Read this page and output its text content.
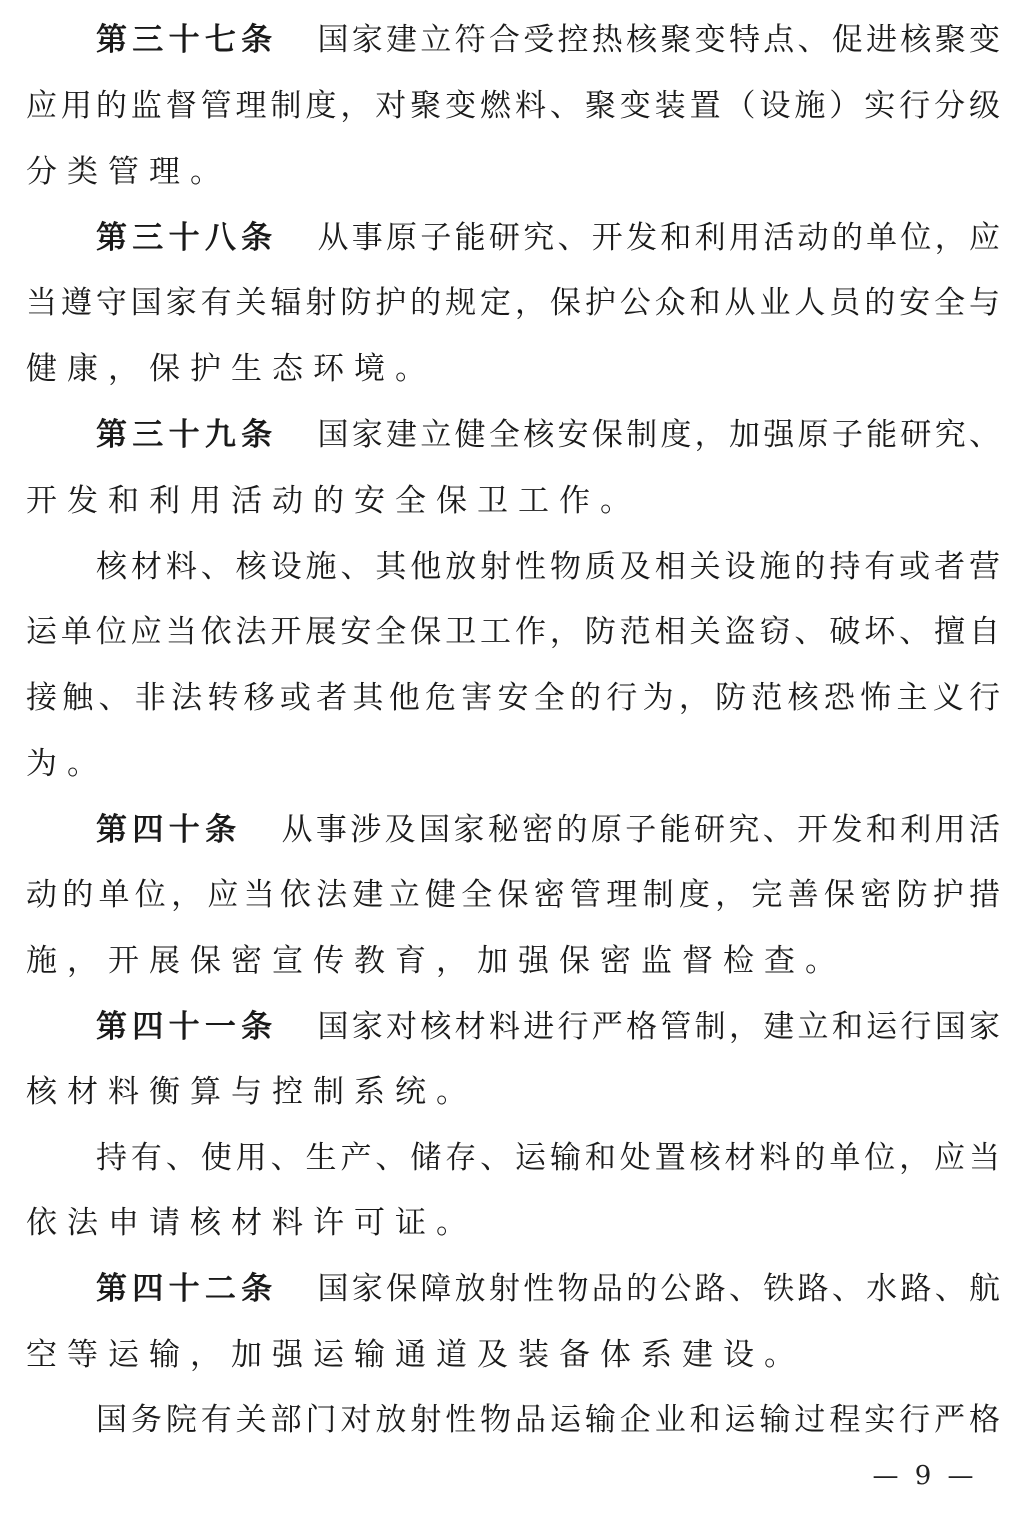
第三十七条 国家建立符合受控热核聚变特点、促进核聚变
应用的监督管理制度，对聚变燃料、聚变装置（设施）实行分级
分类管理。
第三十八条 从事原子能研究、开发和利用活动的单位，应
当遵守国家有关辐射防护的规定，保护公众和从业人员的安全与
健康，保护生态环境。
第三十九条 国家建立健全核安保制度，加强原子能研究、
开发和利用活动的安全保卫工作。
核材料、核设施、其他放射性物质及相关设施的持有或者营
运单位应当依法开展安全保卫工作，防范相关盗窃、破坏、擅自
接触、非法转移或者其他危害安全的行为，防范核恐怖主义行
为。
第四十条 从事涉及国家秘密的原子能研究、开发和利用活
动的单位，应当依法建立健全保密管理制度，完善保密防护措
施，开展保密宣传教育，加强保密监督检查。
第四十一条 国家对核材料进行严格管制，建立和运行国家
核材料衡算与控制系统。
持有、使用、生产、储存、运输和处置核材料的单位，应当
依法申请核材料许可证。
第四十二条 国家保障放射性物品的公路、铁路、水路、航
空等运输，加强运输通道及装备体系建设。
国务院有关部门对放射性物品运输企业和运输过程实行严格
— 9 —
